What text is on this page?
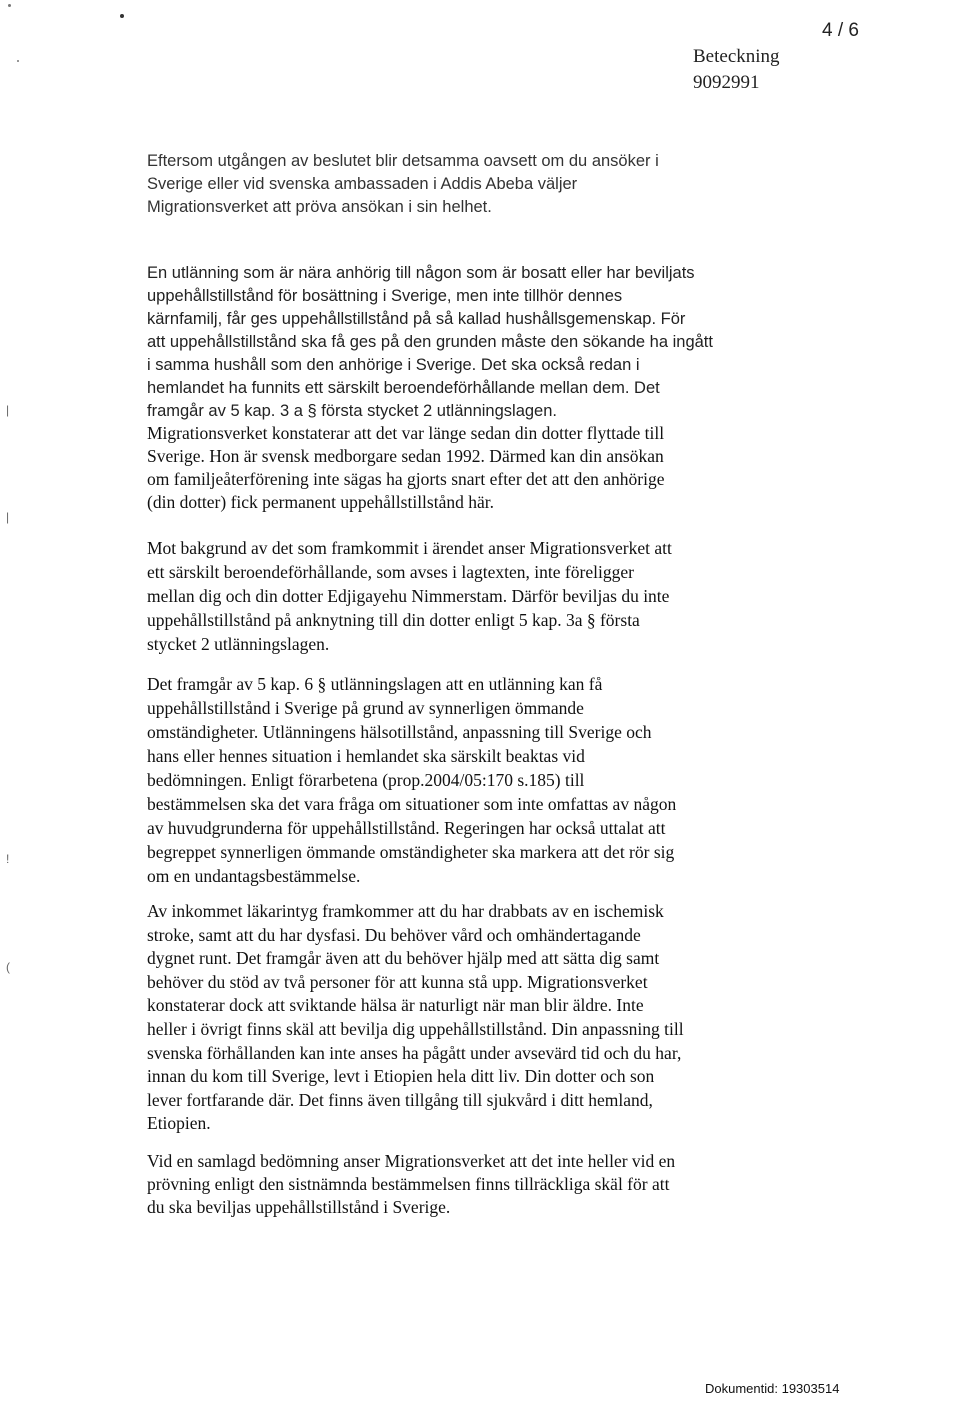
4 / 6
Beteckning
9092991
|
|
!
(
Eftersom utgången av beslutet blir detsamma oavsett om du ansöker i
Sverige eller vid svenska ambassaden i Addis Abeba väljer
Migrationsverket att pröva ansökan i sin helhet.
En utlänning som är nära anhörig till någon som är bosatt eller har beviljats
uppehållstillstånd för bosättning i Sverige, men inte tillhör dennes
kärnfamilj, får ges uppehållstillstånd på så kallad hushållsgemenskap. För
att uppehållstillstånd ska få ges på den grunden måste den sökande ha ingått
i samma hushåll som den anhörige i Sverige. Det ska också redan i
hemlandet ha funnits ett särskilt beroendeförhållande mellan dem. Det
framgår av 5 kap. 3 a § första stycket 2 utlänningslagen.
Migrationsverket konstaterar att det var länge sedan din dotter flyttade till
Sverige. Hon är svensk medborgare sedan 1992. Därmed kan din ansökan
om familjeåterförening inte sägas ha gjorts snart efter det att den anhörige
(din dotter) fick permanent uppehållstillstånd här.
Mot bakgrund av det som framkommit i ärendet anser Migrationsverket att
ett särskilt beroendeförhållande, som avses i lagtexten, inte föreligger
mellan dig och din dotter Edjigayehu Nimmerstam. Därför beviljas du inte
uppehållstillstånd på anknytning till din dotter enligt 5 kap. 3a § första
stycket 2 utlänningslagen.
Det framgår av 5 kap. 6 § utlänningslagen att en utlänning kan få
uppehållstillstånd i Sverige på grund av synnerligen ömmande
omständigheter. Utlänningens hälsotillstånd, anpassning till Sverige och
hans eller hennes situation i hemlandet ska särskilt beaktas vid
bedömningen. Enligt förarbetena (prop.2004/05:170 s.185) till
bestämmelsen ska det vara fråga om situationer som inte omfattas av någon
av huvudgrunderna för uppehållstillstånd. Regeringen har också uttalat att
begreppet synnerligen ömmande omständigheter ska markera att det rör sig
om en undantagsbestämmelse.
Av inkommet läkarintyg framkommer att du har drabbats av en ischemisk
stroke, samt att du har dysfasi. Du behöver vård och omhändertagande
dygnet runt. Det framgår även att du behöver hjälp med att sätta dig samt
behöver du stöd av två personer för att kunna stå upp. Migrationsverket
konstaterar dock att sviktande hälsa är naturligt när man blir äldre. Inte
heller i övrigt finns skäl att bevilja dig uppehållstillstånd. Din anpassning till
svenska förhållanden kan inte anses ha pågått under avsevärd tid och du har,
innan du kom till Sverige, levt i Etiopien hela ditt liv. Din dotter och son
lever fortfarande där. Det finns även tillgång till sjukvård i ditt hemland,
Etiopien.
Vid en samlagd bedömning anser Migrationsverket att det inte heller vid en
prövning enligt den sistnämnda bestämmelsen finns tillräckliga skäl för att
du ska beviljas uppehållstillstånd i Sverige.
Dokumentid: 19303514
